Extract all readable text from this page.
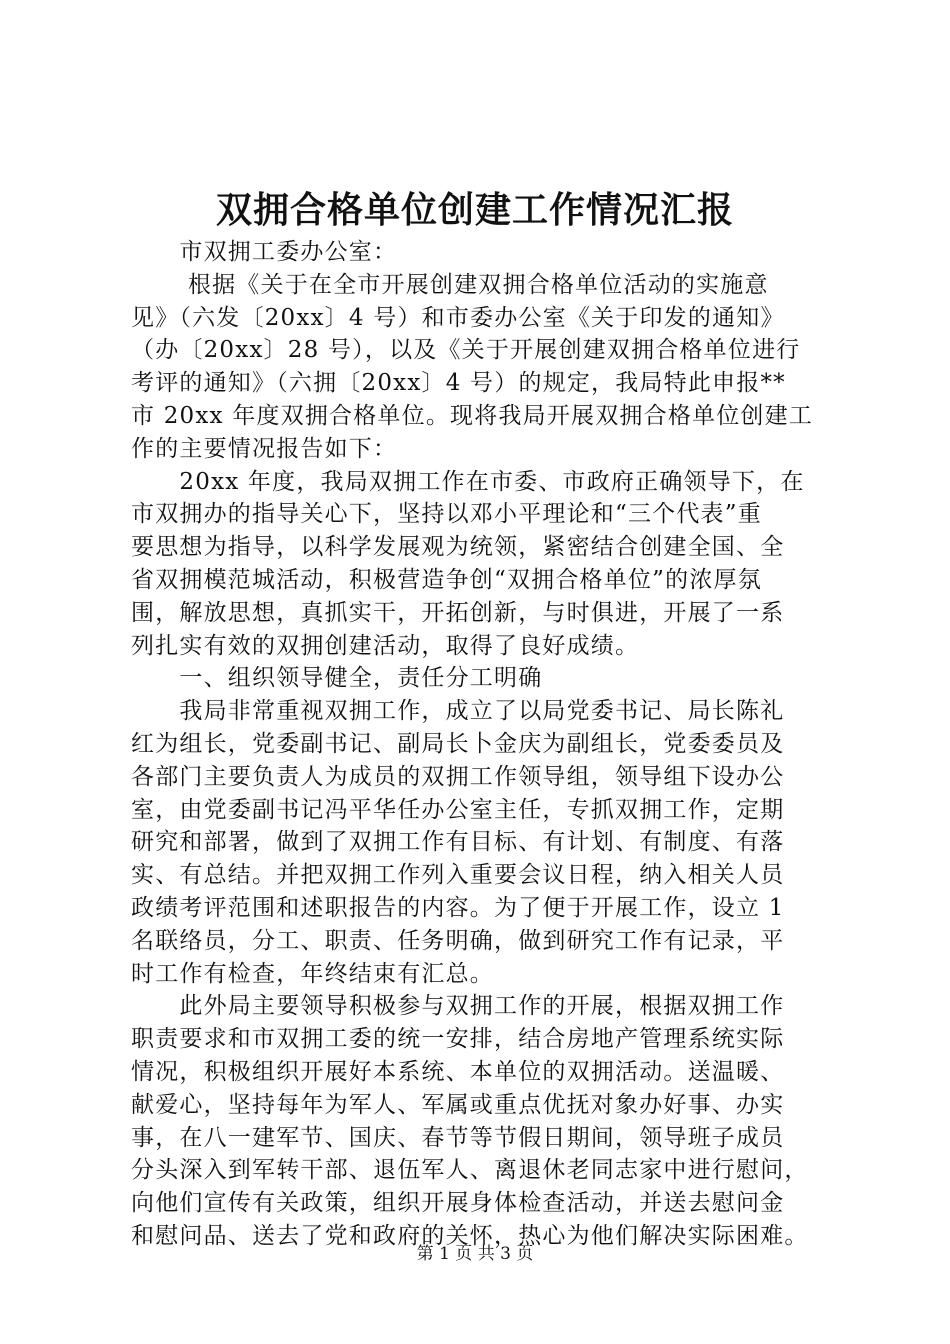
双拥合格单位创建工作情况汇报
　　市双拥工委办公室：
　　 根据《关于在全市开展创建双拥合格单位活动的实施意
见》（六发〔20xx〕4 号）和市委办公室《关于印发的通知》
（办〔20xx〕28 号），以及《关于开展创建双拥合格单位进行
考评的通知》（六拥〔20xx〕4 号）的规定，我局特此申报**
市 20xx 年度双拥合格单位。现将我局开展双拥合格单位创建工
作的主要情况报告如下：
　　20xx 年度，我局双拥工作在市委、市政府正确领导下，在
市双拥办的指导关心下，坚持以邓小平理论和“三个代表”重
要思想为指导，以科学发展观为统领，紧密结合创建全国、全
省双拥模范城活动，积极营造争创“双拥合格单位”的浓厚氛
围，解放思想，真抓实干，开拓创新，与时俱进，开展了一系
列扎实有效的双拥创建活动，取得了良好成绩。
　　一、组织领导健全，责任分工明确
　　我局非常重视双拥工作，成立了以局党委书记、局长陈礼
红为组长，党委副书记、副局长卜金庆为副组长，党委委员及
各部门主要负责人为成员的双拥工作领导组，领导组下设办公
室，由党委副书记冯平华任办公室主任，专抓双拥工作，定期
研究和部署，做到了双拥工作有目标、有计划、有制度、有落
实、有总结。并把双拥工作列入重要会议日程，纳入相关人员
政绩考评范围和述职报告的内容。为了便于开展工作，设立 1
名联络员，分工、职责、任务明确，做到研究工作有记录，平
时工作有检查，年终结束有汇总。
　　此外局主要领导积极参与双拥工作的开展，根据双拥工作
职责要求和市双拥工委的统一安排，结合房地产管理系统实际
情况，积极组织开展好本系统、本单位的双拥活动。送温暖、
献爱心，坚持每年为军人、军属或重点优抚对象办好事、办实
事，在八一建军节、国庆、春节等节假日期间，领导班子成员
分头深入到军转干部、退伍军人、离退休老同志家中进行慰问，
向他们宣传有关政策，组织开展身体检查活动，并送去慰问金
和慰问品、送去了党和政府的关怀，热心为他们解决实际困难。
第 1 页 共 3 页
